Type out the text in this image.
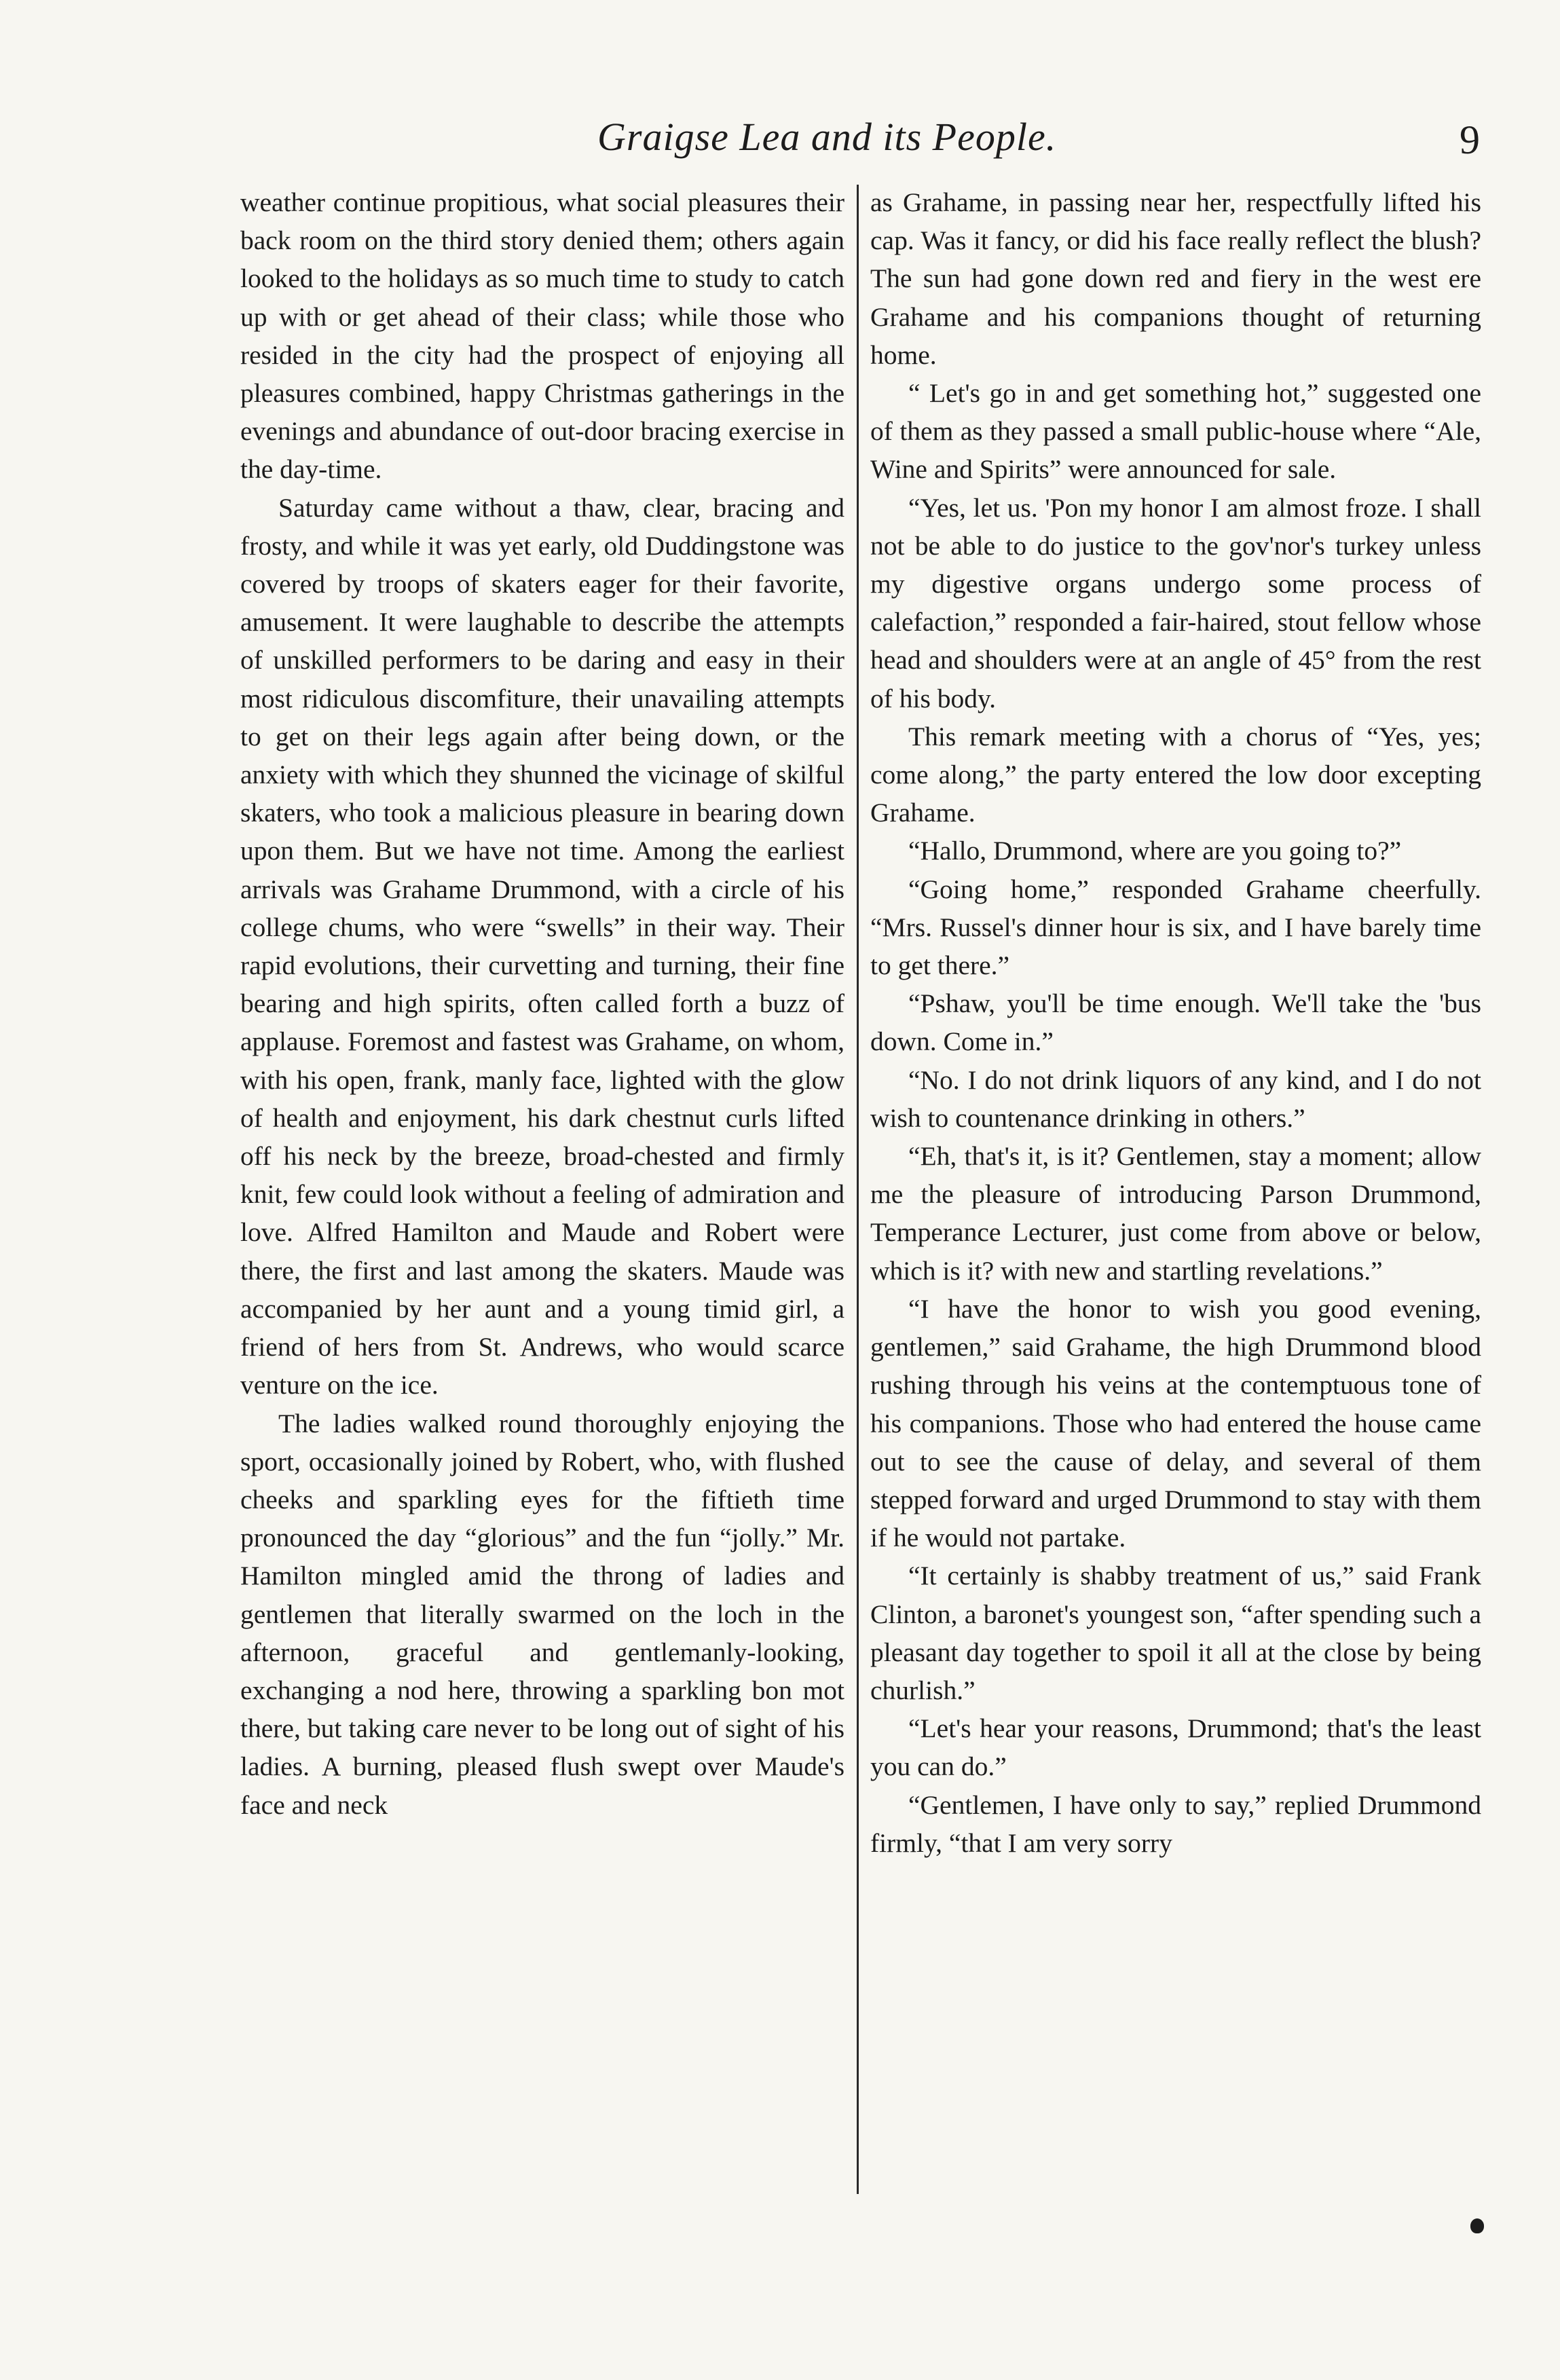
Graigse Lea and its People.	9

weather continue propitious, what social pleasures their back room on the third story denied them; others again looked to the holidays as so much time to study to catch up with or get ahead of their class; while those who resided in the city had the prospect of enjoying all pleasures combined, happy Christmas gatherings in the evenings and abundance of out-door bracing exercise in the day-time.

Saturday came without a thaw, clear, bracing and frosty, and while it was yet early, old Duddingstone was covered by troops of skaters eager for their favorite, amusement. It were laughable to describe the attempts of unskilled performers to be daring and easy in their most ridiculous discomfiture, their unavailing attempts to get on their legs again after being down, or the anxiety with which they shunned the vicinage of skilful skaters, who took a malicious pleasure in bearing down upon them. But we have not time. Among the earliest arrivals was Grahame Drummond, with a circle of his college chums, who were “swells” in their way. Their rapid evolutions, their curvetting and turning, their fine bearing and high spirits, often called forth a buzz of applause. Foremost and fastest was Grahame, on whom, with his open, frank, manly face, lighted with the glow of health and enjoyment, his dark chestnut curls lifted off his neck by the breeze, broad-chested and firmly knit, few could look without a feeling of admiration and love. Alfred Hamilton and Maude and Robert were there, the first and last among the skaters. Maude was accompanied by her aunt and a young timid girl, a friend of hers from St. Andrews, who would scarce venture on the ice.

The ladies walked round thoroughly enjoying the sport, occasionally joined by Robert, who, with flushed cheeks and sparkling eyes for the fiftieth time pronounced the day “glorious” and the fun “jolly.” Mr. Hamilton mingled amid the throng of ladies and gentlemen that literally swarmed on the loch in the afternoon, graceful and gentlemanly-looking, exchanging a nod here, throwing a sparkling bon mot there, but taking care never to be long out of sight of his ladies. A burning, pleased flush swept over Maude's face and neck

as Grahame, in passing near her, respectfully lifted his cap. Was it fancy, or did his face really reflect the blush? The sun had gone down red and fiery in the west ere Grahame and his companions thought of returning home.

“ Let's go in and get something hot,” suggested one of them as they passed a small public-house where “Ale, Wine and Spirits” were announced for sale.

“Yes, let us. 'Pon my honor I am almost froze. I shall not be able to do justice to the gov'nor's turkey unless my digestive organs undergo some process of calefaction,” responded a fair-haired, stout fellow whose head and shoulders were at an angle of 45° from the rest of his body.

This remark meeting with a chorus of “Yes, yes; come along,” the party entered the low door excepting Grahame.

“Hallo, Drummond, where are you going to?”

“Going home,” responded Grahame cheerfully. “Mrs. Russel's dinner hour is six, and I have barely time to get there.”

“Pshaw, you'll be time enough. We'll take the 'bus down. Come in.”

“No. I do not drink liquors of any kind, and I do not wish to countenance drinking in others.”

“Eh, that's it, is it? Gentlemen, stay a moment; allow me the pleasure of introducing Parson Drummond, Temperance Lecturer, just come from above or below, which is it? with new and startling revelations.”

“I have the honor to wish you good evening, gentlemen,” said Grahame, the high Drummond blood rushing through his veins at the contemptuous tone of his companions. Those who had entered the house came out to see the cause of delay, and several of them stepped forward and urged Drummond to stay with them if he would not partake.

“It certainly is shabby treatment of us,” said Frank Clinton, a baronet's youngest son, “after spending such a pleasant day together to spoil it all at the close by being churlish.”

“Let's hear your reasons, Drummond; that's the least you can do.”

“Gentlemen, I have only to say,” replied Drummond firmly, “that I am very sorry
